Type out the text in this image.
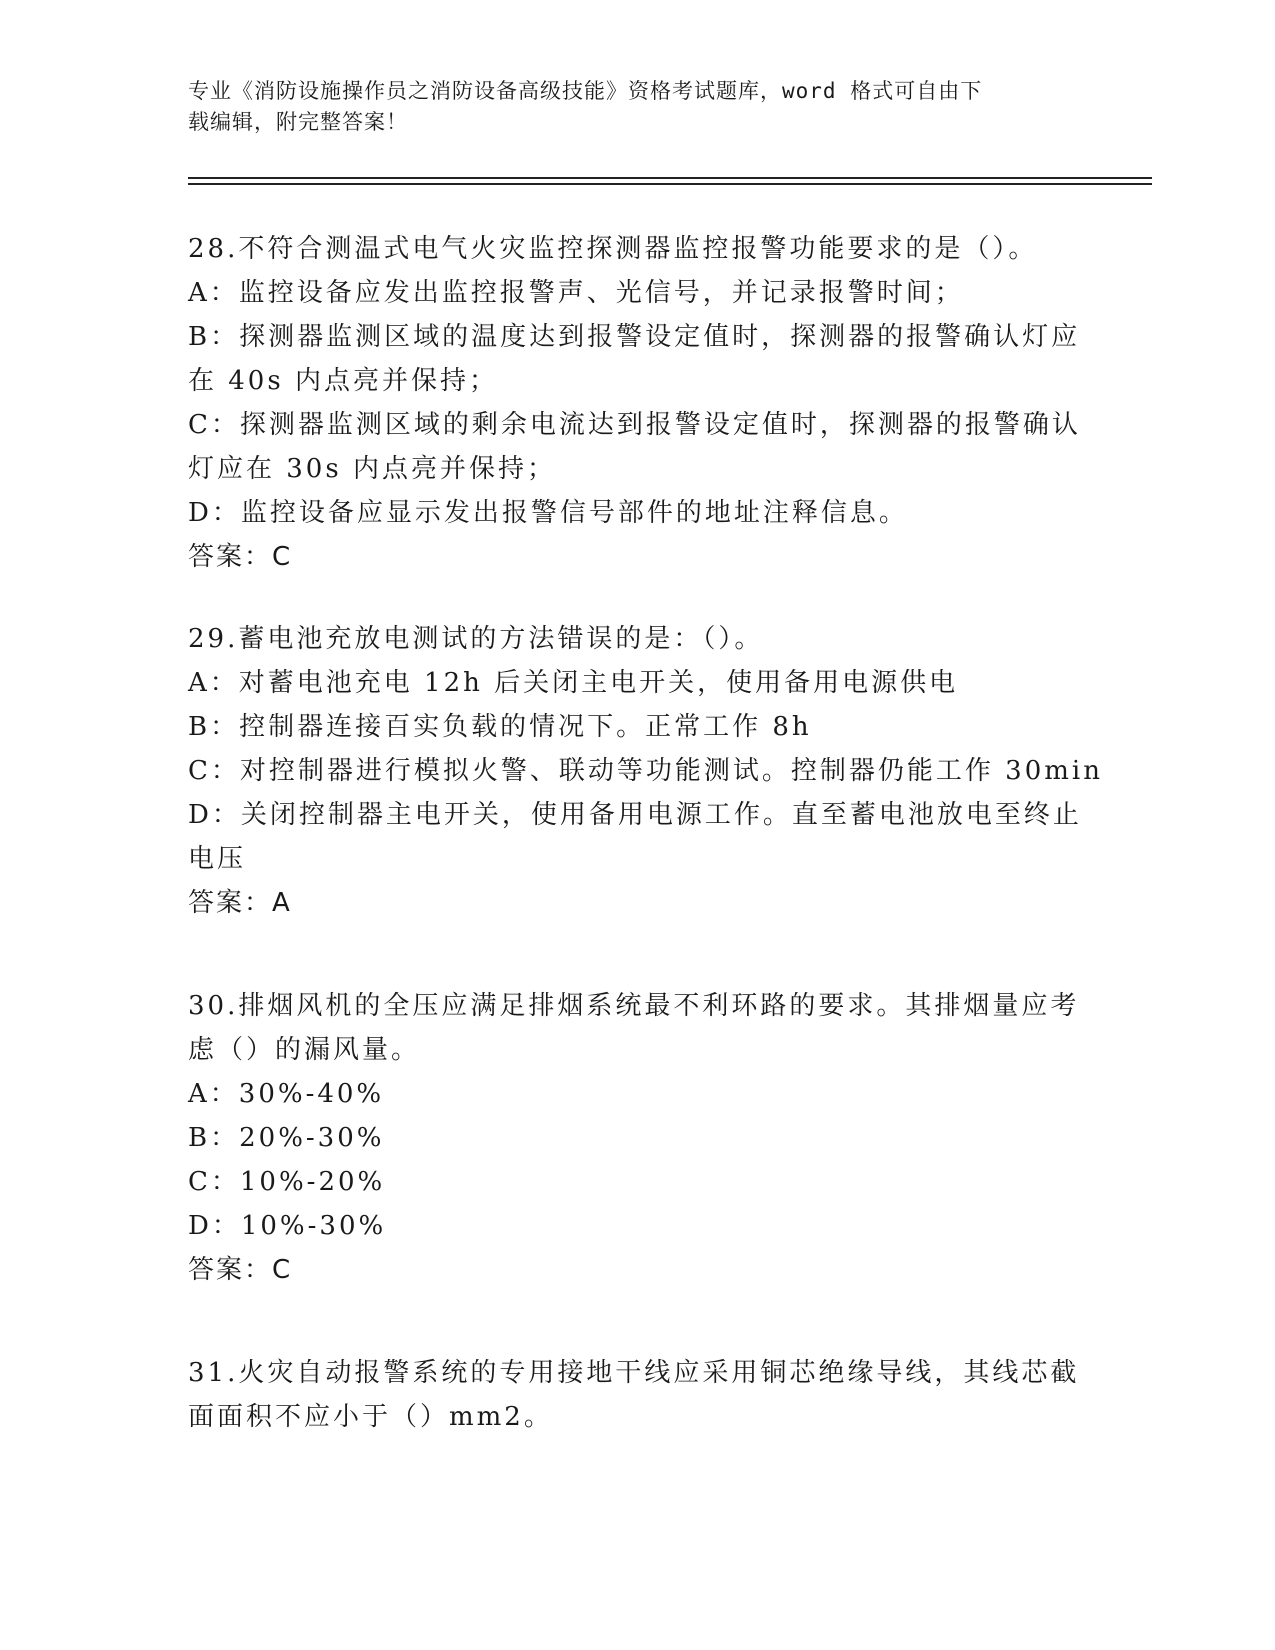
专业《消防设施操作员之消防设备高级技能》资格考试题库，word 格式可自由下
载编辑，附完整答案！
28.不符合测温式电气火灾监控探测器监控报警功能要求的是（）。
A：监控设备应发出监控报警声、光信号，并记录报警时间；
B：探测器监测区域的温度达到报警设定值时，探测器的报警确认灯应
在 40s 内点亮并保持；
C：探测器监测区域的剩余电流达到报警设定值时，探测器的报警确认
灯应在 30s 内点亮并保持；
D：监控设备应显示发出报警信号部件的地址注释信息。
答案：C
29.蓄电池充放电测试的方法错误的是：（）。
A：对蓄电池充电 12h 后关闭主电开关，使用备用电源供电
B：控制器连接百实负载的情况下。正常工作 8h
C：对控制器进行模拟火警、联动等功能测试。控制器仍能工作 30min
D：关闭控制器主电开关，使用备用电源工作。直至蓄电池放电至终止
电压
答案：A
30.排烟风机的全压应满足排烟系统最不利环路的要求。其排烟量应考
虑（）的漏风量。
A：30%-40%
B：20%-30%
C：10%-20%
D：10%-30%
答案：C
31.火灾自动报警系统的专用接地干线应采用铜芯绝缘导线，其线芯截
面面积不应小于（）mm2。
